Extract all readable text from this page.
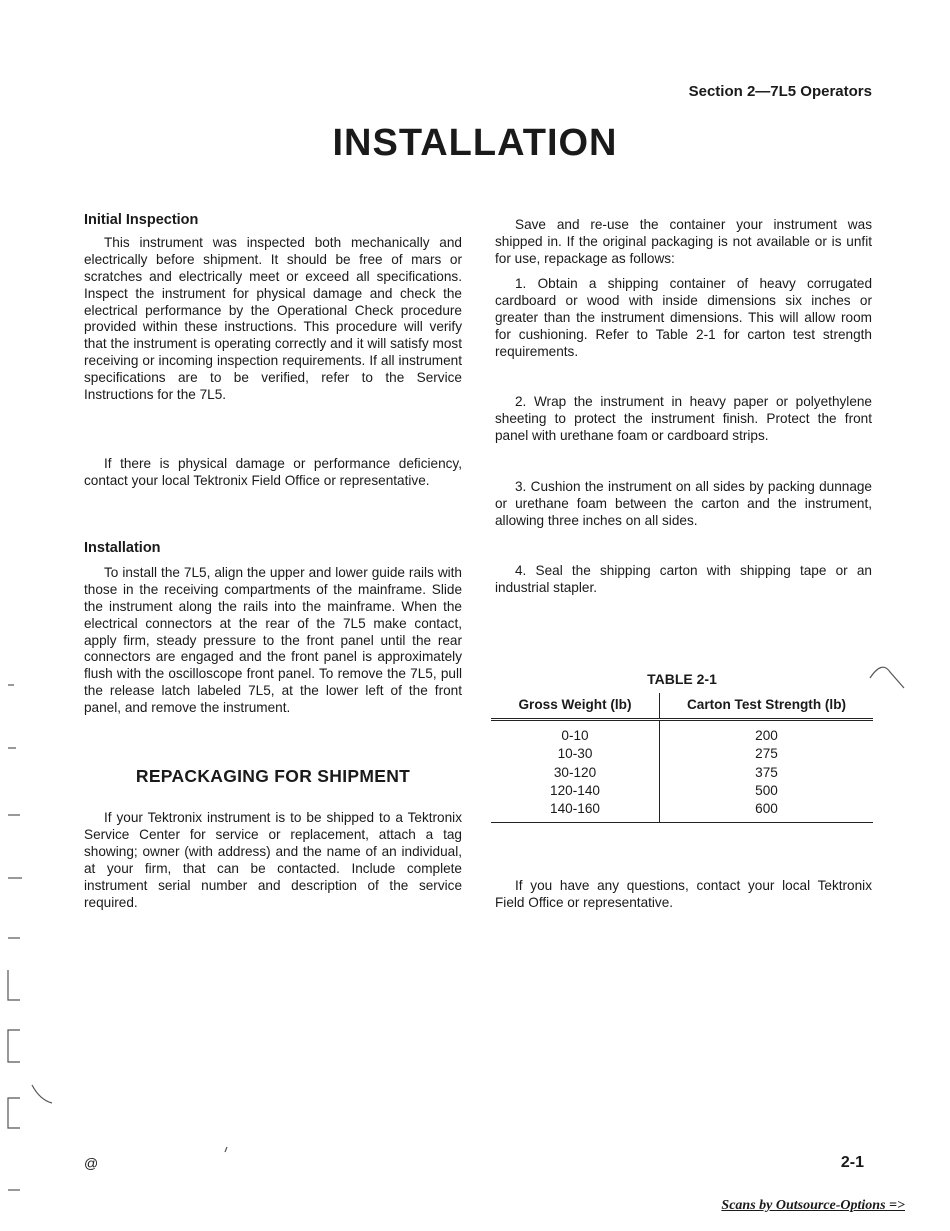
Section 2—7L5 Operators
INSTALLATION
Initial Inspection

This instrument was inspected both mechanically and electrically before shipment. It should be free of mars or scratches and electrically meet or exceed all specifications. Inspect the instrument for physical damage and check the electrical performance by the Operational Check procedure provided within these instructions. This procedure will verify that the instrument is operating correctly and it will satisfy most receiving or incoming inspection requirements. If all instrument specifications are to be verified, refer to the Service Instructions for the 7L5.

If there is physical damage or performance deficiency, contact your local Tektronix Field Office or representative.

Installation

To install the 7L5, align the upper and lower guide rails with those in the receiving compartments of the mainframe. Slide the instrument along the rails into the mainframe. When the electrical connectors at the rear of the 7L5 make contact, apply firm, steady pressure to the front panel until the rear connectors are engaged and the front panel is approximately flush with the oscilloscope front panel. To remove the 7L5, pull the release latch labeled 7L5, at the lower left of the front panel, and remove the instrument.

REPACKAGING FOR SHIPMENT

If your Tektronix instrument is to be shipped to a Tektronix Service Center for service or replacement, attach a tag showing; owner (with address) and the name of an individual, at your firm, that can be contacted. Include complete instrument serial number and description of the service required.

Save and re-use the container your instrument was shipped in. If the original packaging is not available or is unfit for use, repackage as follows:

1. Obtain a shipping container of heavy corrugated cardboard or wood with inside dimensions six inches or greater than the instrument dimensions. This will allow room for cushioning. Refer to Table 2-1 for carton test strength requirements.

2. Wrap the instrument in heavy paper or polyethylene sheeting to protect the instrument finish. Protect the front panel with urethane foam or cardboard strips.

3. Cushion the instrument on all sides by packing dunnage or urethane foam between the carton and the instrument, allowing three inches on all sides.

4. Seal the shipping carton with shipping tape or an industrial stapler.

TABLE 2-1
Gross Weight (lb)	Carton Test Strength (lb)
0-10	200
10-30	275
30-120	375
120-140	500
140-160	600

If you have any questions, contact your local Tektronix Field Office or representative.

@	2-1
Scans by Outsource-Options =>
